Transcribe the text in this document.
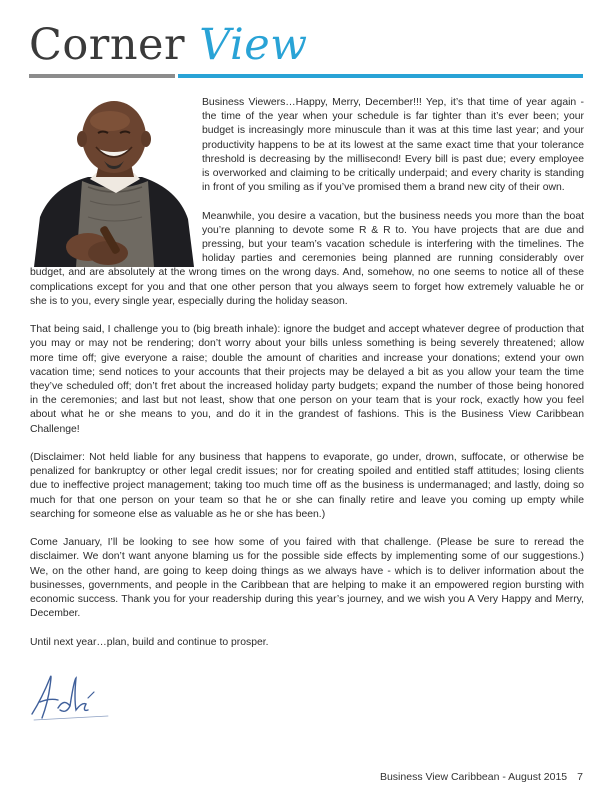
Corner View

Business Viewers…Happy, Merry, December!!! Yep, it’s that time of year again - the time of the year when your schedule is far tighter than it’s ever been; your budget is increasingly more minuscule than it was at this time last year; and your productivity happens to be at its lowest at the same exact time that your tolerance threshold is decreasing by the millisecond! Every bill is past due; every employee is overworked and claiming to be critically underpaid; and every charity is standing in front of you smiling as if you’ve promised them a brand new city of their own.

Meanwhile, you desire a vacation, but the business needs you more than the boat you’re planning to devote some R & R to. You have projects that are due and pressing, but your team’s vacation schedule is interfering with the timelines. The holiday parties and ceremonies being planned are running considerably over budget, and are absolutely at the wrong times on the wrong days. And, somehow, no one seems to notice all of these complications except for you and that one other person that you always seem to forget how extremely valuable he or she is to you, every single year, especially during the holiday season.

That being said, I challenge you to (big breath inhale): ignore the budget and accept whatever degree of production that you may or may not be rendering; don’t worry about your bills unless something is being severely threatened; allow more time off; give everyone a raise; double the amount of charities and increase your donations; extend your own vacation time; send notices to your accounts that their projects may be delayed a bit as you allow your team the time they’ve scheduled off; don’t fret about the increased holiday party budgets; expand the number of those being honored in the ceremonies; and last but not least, show that one person on your team that is your rock, exactly how you feel about what he or she means to you, and do it in the grandest of fashions. This is the Business View Caribbean Challenge!

(Disclaimer: Not held liable for any business that happens to evaporate, go under, drown, suffocate, or otherwise be penalized for bankruptcy or other legal credit issues; nor for creating spoiled and entitled staff attitudes; losing clients due to ineffective project management; taking too much time off as the business is undermanaged; and lastly, doing so much for that one person on your team so that he or she can finally retire and leave you coming up empty while searching for someone else as valuable as he or she has been.)

Come January, I’ll be looking to see how some of you faired with that challenge. (Please be sure to reread the disclaimer. We don’t want anyone blaming us for the possible side effects by implementing some of our suggestions.) We, on the other hand, are going to keep doing things as we always have - which is to deliver information about the businesses, governments, and people in the Caribbean that are helping to make it an empowered region bursting with economic success. Thank you for your readership during this year’s journey, and we wish you A Very Happy and Merry, December.

Until next year…plan, build and continue to prosper.

Business View Caribbean - August 2015 7
